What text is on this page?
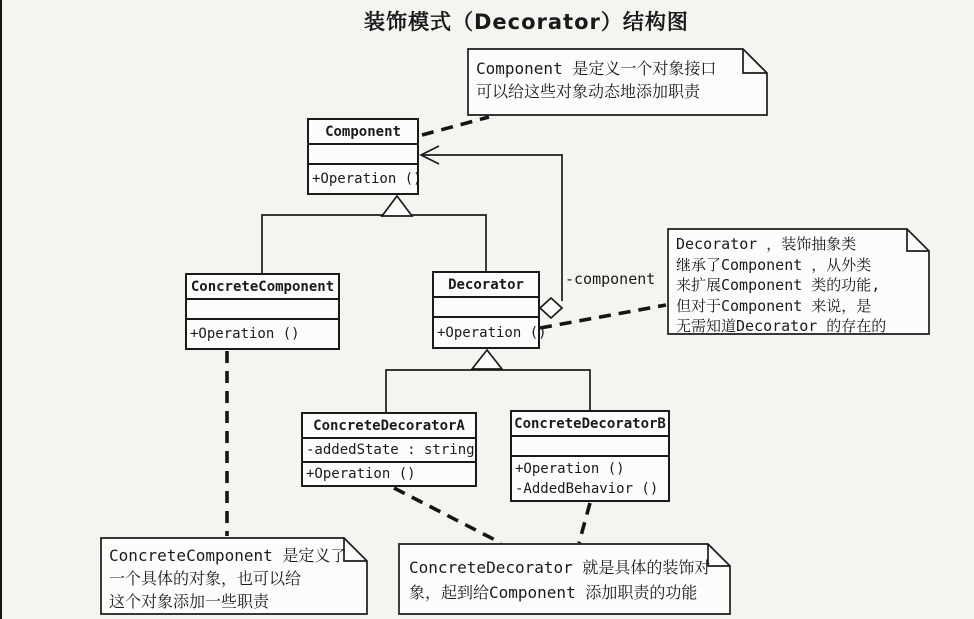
装饰模式（Decorator）结构图
Component
+Operation ()
ConcreteComponent
+Operation ()
Decorator
+Operation ()
ConcreteDecoratorA
-addedState : string
+Operation ()
ConcreteDecoratorB
+Operation ()
-AddedBehavior ()
-component
Component 是定义一个对象接口
可以给这些对象动态地添加职责
Decorator ，装饰抽象类
继承了Component ，从外类
来扩展Component 类的功能,
但对于Component 来说，是
无需知道Decorator 的存在的
ConcreteComponent 是定义了
一个具体的对象，也可以给
这个对象添加一些职责
ConcreteDecorator 就是具体的装饰对
象，起到给Component 添加职责的功能
